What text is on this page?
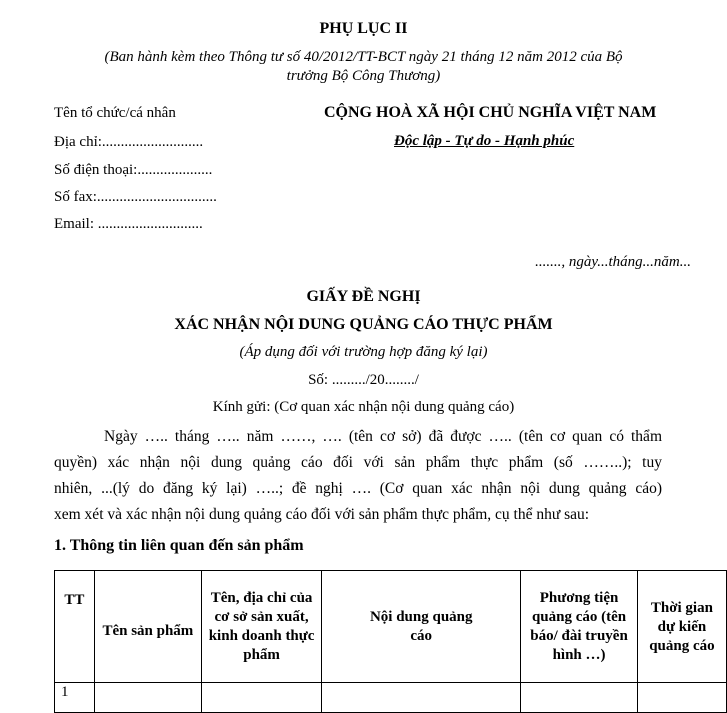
PHỤ LỤC II
(Ban hành kèm theo Thông tư số 40/2012/TT-BCT ngày 21 tháng 12 năm 2012 của Bộ
trưởng Bộ Công Thương)
Tên tổ chức/cá nhân
Địa chỉ:...........................
Số điện thoại:....................
Số fax:................................
Email: ............................
CỘNG HOÀ XÃ HỘI CHỦ NGHĨA VIỆT NAM
Độc lập - Tự do - Hạnh phúc
......., ngày...tháng...năm...
GIẤY ĐỀ NGHỊ
XÁC NHẬN NỘI DUNG QUẢNG CÁO THỰC PHẨM
(Áp dụng đối với trường hợp đăng ký lại)
Số: ........./20......../
Kính gửi: (Cơ quan xác nhận nội dung quảng cáo)
Ngày ….. tháng ….. năm ……, …. (tên cơ sở) đã được ….. (tên cơ quan có thẩm
quyền) xác nhận nội dung quảng cáo đối với sản phẩm thực phẩm (số ……..); tuy
nhiên, ...(lý do đăng ký lại) …..; đề nghị …. (Cơ quan xác nhận nội dung quảng cáo)
xem xét và xác nhận nội dung quảng cáo đối với sản phẩm thực phẩm, cụ thể như sau:
1. Thông tin liên quan đến sản phẩm
TT	Tên sản phẩm	Tên, địa chỉ của cơ sở sản xuất, kinh doanh thực phẩm	Nội dung quảng cáo	Phương tiện quảng cáo (tên báo/ đài truyền hình …)	Thời gian dự kiến quảng cáo
1					
